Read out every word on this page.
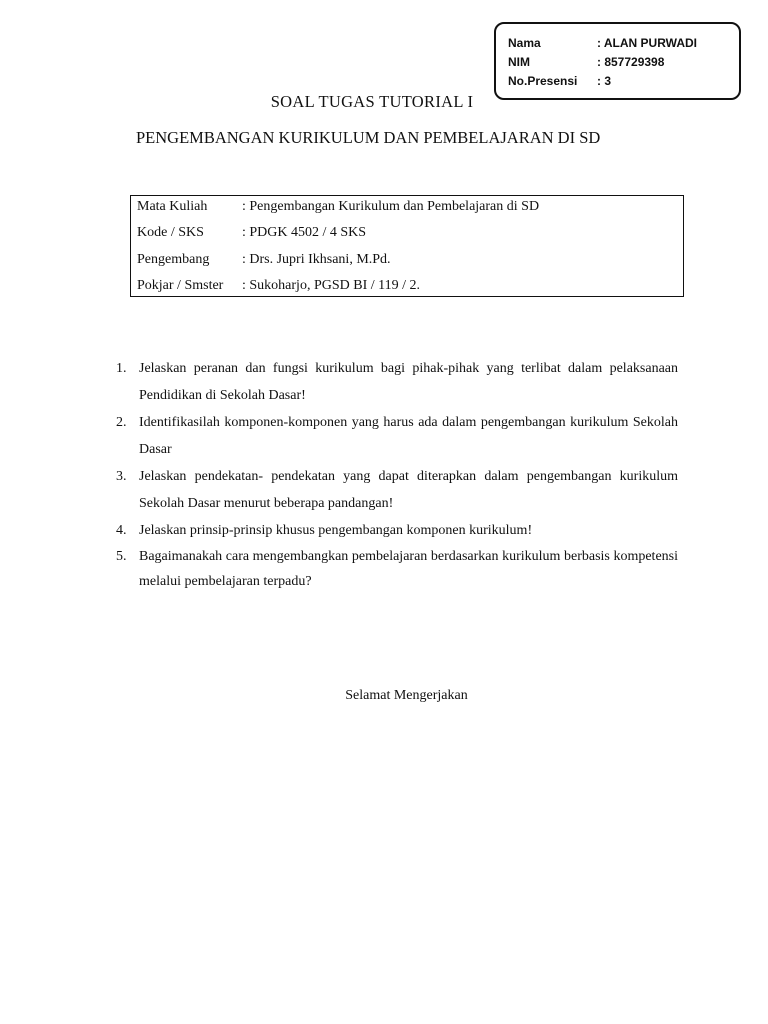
Nama	: ALAN PURWADI
NIM	: 857729398
No.Presensi : 3
SOAL TUGAS TUTORIAL I
PENGEMBANGAN KURIKULUM DAN PEMBELAJARAN DI SD
Mata Kuliah : Pengembangan Kurikulum dan Pembelajaran di SD
Kode / SKS	: PDGK 4502 / 4 SKS
Pengembang : Drs. Jupri Ikhsani, M.Pd.
Pokjar / Smster : Sukoharjo, PGSD BI / 119 / 2.
1. Jelaskan peranan dan fungsi kurikulum bagi pihak-pihak yang terlibat dalam pelaksanaan Pendidikan di Sekolah Dasar!
2. Identifikasilah komponen-komponen yang harus ada dalam pengembangan kurikulum Sekolah Dasar
3. Jelaskan pendekatan- pendekatan yang dapat diterapkan dalam pengembangan kurikulum Sekolah Dasar menurut beberapa pandangan!
4. Jelaskan prinsip-prinsip khusus pengembangan komponen kurikulum!
5. Bagaimanakah cara mengembangkan pembelajaran berdasarkan kurikulum berbasis kompetensi melalui pembelajaran terpadu?
Selamat Mengerjakan
